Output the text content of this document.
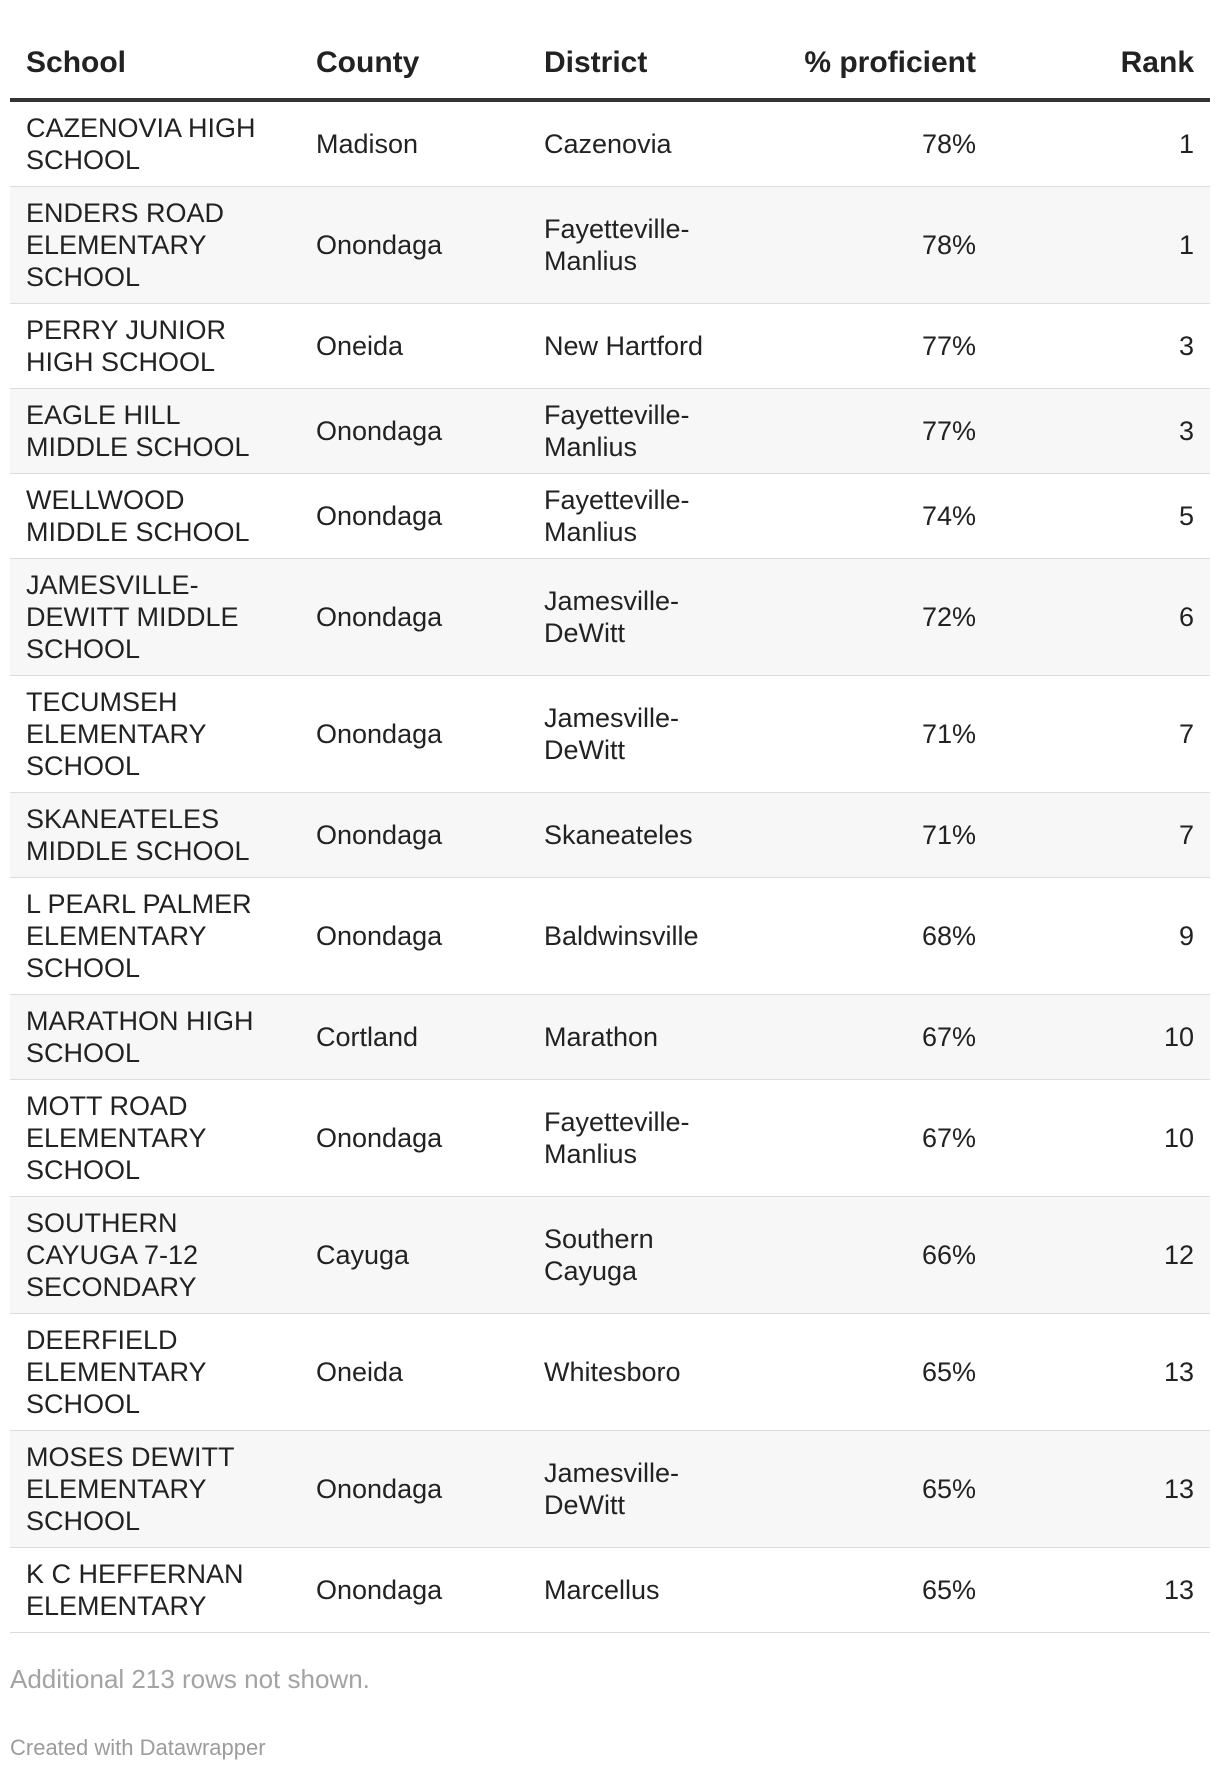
School	County	District	% proficient	Rank
CAZENOVIA HIGH SCHOOL	Madison	Cazenovia	78%	1
ENDERS ROAD ELEMENTARY SCHOOL	Onondaga	Fayetteville-Manlius	78%	1
PERRY JUNIOR HIGH SCHOOL	Oneida	New Hartford	77%	3
EAGLE HILL MIDDLE SCHOOL	Onondaga	Fayetteville-Manlius	77%	3
WELLWOOD MIDDLE SCHOOL	Onondaga	Fayetteville-Manlius	74%	5
JAMESVILLE-DEWITT MIDDLE SCHOOL	Onondaga	Jamesville-DeWitt	72%	6
TECUMSEH ELEMENTARY SCHOOL	Onondaga	Jamesville-DeWitt	71%	7
SKANEATELES MIDDLE SCHOOL	Onondaga	Skaneateles	71%	7
L PEARL PALMER ELEMENTARY SCHOOL	Onondaga	Baldwinsville	68%	9
MARATHON HIGH SCHOOL	Cortland	Marathon	67%	10
MOTT ROAD ELEMENTARY SCHOOL	Onondaga	Fayetteville-Manlius	67%	10
SOUTHERN CAYUGA 7-12 SECONDARY	Cayuga	Southern Cayuga	66%	12
DEERFIELD ELEMENTARY SCHOOL	Oneida	Whitesboro	65%	13
MOSES DEWITT ELEMENTARY SCHOOL	Onondaga	Jamesville-DeWitt	65%	13
K C HEFFERNAN ELEMENTARY	Onondaga	Marcellus	65%	13
Additional 213 rows not shown.
Created with Datawrapper
